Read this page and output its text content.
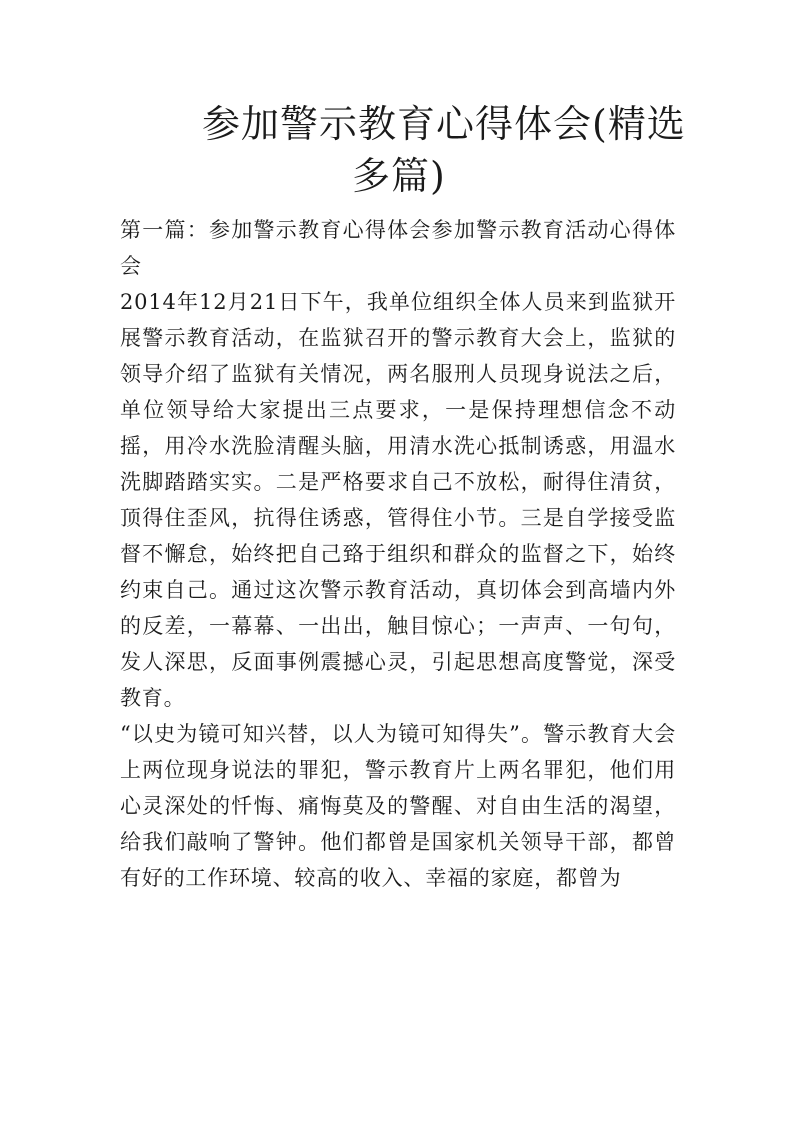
参加警示教育心得体会(精选
多篇)

第一篇：参加警示教育心得体会参加警示教育活动心得体会

2014年12月21日下午，我单位组织全体人员来到监狱开展警示教育活动，在监狱召开的警示教育大会上，监狱的领导介绍了监狱有关情况，两名服刑人员现身说法之后，单位领导给大家提出三点要求，一是保持理想信念不动摇，用冷水洗脸清醒头脑，用清水洗心抵制诱惑，用温水洗脚踏踏实实。二是严格要求自己不放松，耐得住清贫，顶得住歪风，抗得住诱惑，管得住小节。三是自学接受监督不懈怠，始终把自己臵于组织和群众的监督之下，始终约束自己。通过这次警示教育活动，真切体会到高墙内外的反差，一幕幕、一出出，触目惊心；一声声、一句句，发人深思，反面事例震撼心灵，引起思想高度警觉，深受教育。

“以史为镜可知兴替，以人为镜可知得失”。警示教育大会上两位现身说法的罪犯，警示教育片上两名罪犯，他们用心灵深处的忏悔、痛悔莫及的警醒、对自由生活的渴望，给我们敲响了警钟。他们都曾是国家机关领导干部，都曾有好的工作环境、较高的收入、幸福的家庭，都曾为
